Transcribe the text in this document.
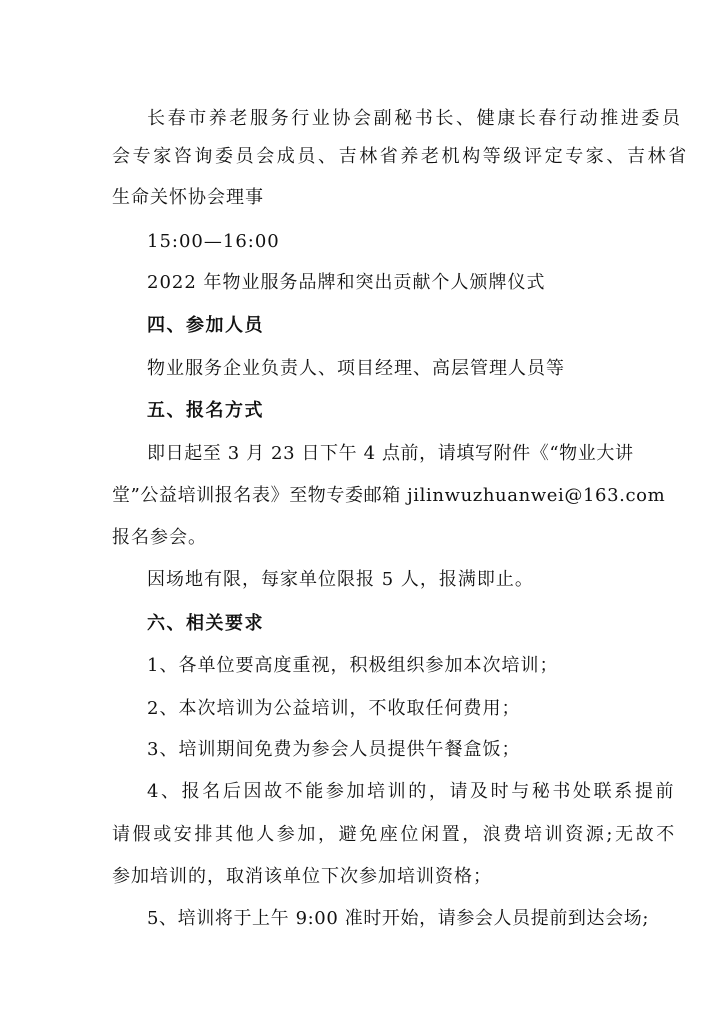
长春市养老服务行业协会副秘书长、健康长春行动推进委员
会专家咨询委员会成员、吉林省养老机构等级评定专家、吉林省
生命关怀协会理事
15:00—16:00
2022 年物业服务品牌和突出贡献个人颁牌仪式
四、参加人员
物业服务企业负责人、项目经理、高层管理人员等
五、报名方式
即日起至 3 月 23 日下午 4 点前，请填写附件《“物业大讲
堂”公益培训报名表》至物专委邮箱 jilinwuzhuanwei@163.com
报名参会。
因场地有限，每家单位限报 5 人，报满即止。
六、相关要求
1、各单位要高度重视，积极组织参加本次培训；
2、本次培训为公益培训，不收取任何费用；
3、培训期间免费为参会人员提供午餐盒饭；
4、报名后因故不能参加培训的，请及时与秘书处联系提前
请假或安排其他人参加，避免座位闲置，浪费培训资源;无故不
参加培训的，取消该单位下次参加培训资格；
5、培训将于上午 9:00 准时开始，请参会人员提前到达会场;
